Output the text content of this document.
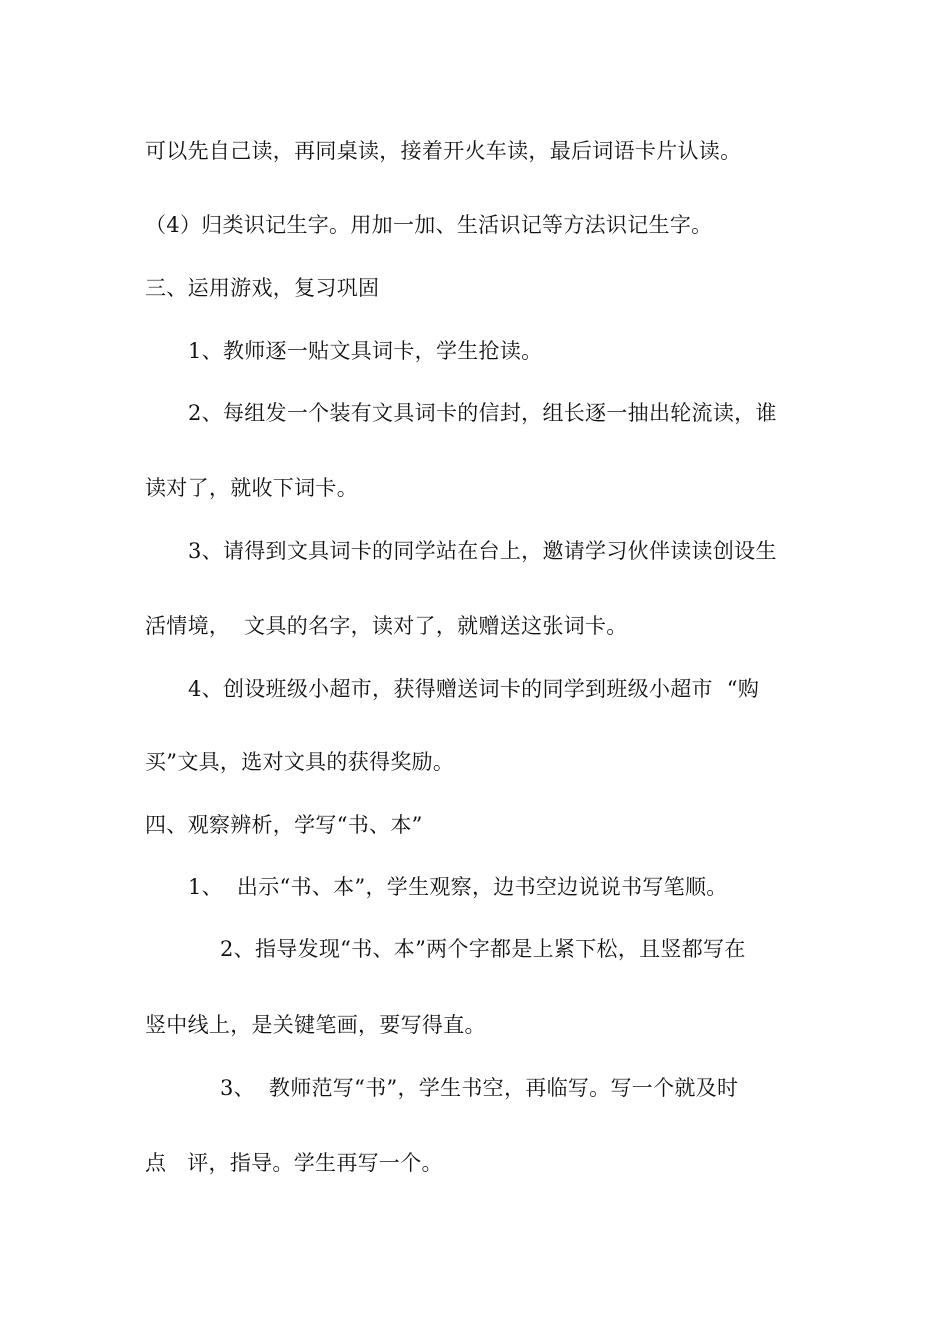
可以先自己读，再同桌读，接着开火车读，最后词语卡片认读。
（4）归类识记生字。用加一加、生活识记等方法识记生字。
三、运用游戏，复习巩固
1、教师逐一贴文具词卡，学生抢读。
2、每组发一个装有文具词卡的信封，组长逐一抽出轮流读，谁
读对了，就收下词卡。
3、请得到文具词卡的同学站在台上，邀请学习伙伴读读创设生
活情境，  文具的名字，读对了，就赠送这张词卡。
4、创设班级小超市，获得赠送词卡的同学到班级小超市  “购
买”文具，选对文具的获得奖励。
四、观察辨析，学写“书、本”
1、  出示“书、本”，学生观察，边书空边说说书写笔顺。
2、指导发现“书、本”两个字都是上紧下松，且竖都写在
竖中线上，是关键笔画，要写得直。
3、  教师范写“书”，学生书空，再临写。写一个就及时
点   评，指导。学生再写一个。
